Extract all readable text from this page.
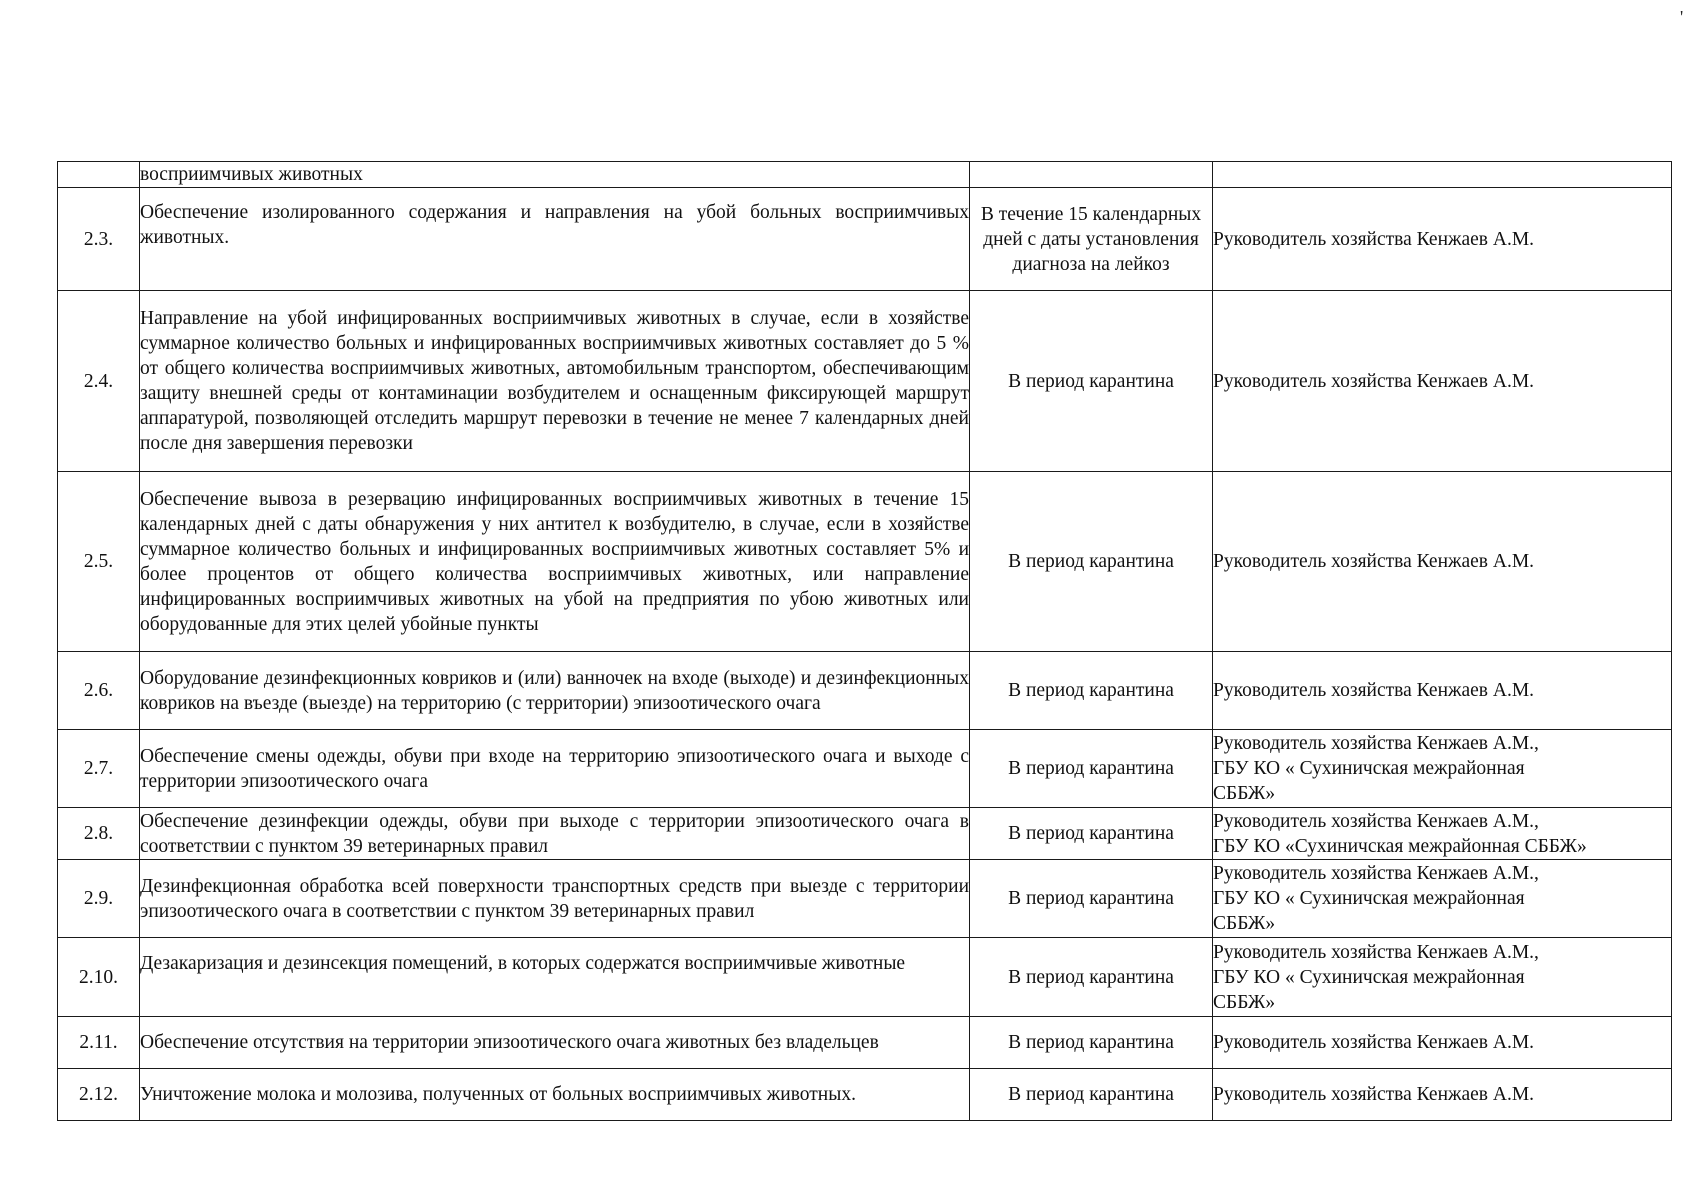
'
	восприимчивых животных		
2.3.	Обеспечение изолированного содержания и направления на убой больных восприимчивых животных.	В течение 15 календарных дней с даты установления диагноза на лейкоз	Руководитель хозяйства Кенжаев А.М.

2.4.	Направление на убой инфицированных восприимчивых животных в случае, если в хозяйстве суммарное количество больных и инфицированных восприимчивых животных составляет до 5 % от общего количества восприимчивых животных, автомобильным транспортом, обеспечивающим защиту внешней среды от контаминации возбудителем и оснащенным фиксирующей маршрут аппаратурой, позволяющей отследить маршрут перевозки в течение не менее 7 календарных дней после дня завершения перевозки	В период карантина	Руководитель хозяйства Кенжаев А.М.

2.5.	Обеспечение вывоза в резервацию инфицированных восприимчивых животных в течение 15 календарных дней с даты обнаружения у них антител к возбудителю, в случае, если в хозяйстве суммарное количество больных и инфицированных восприимчивых животных составляет 5% и более процентов от общего количества восприимчивых животных, или направление инфицированных восприимчивых животных на убой на предприятия по убою животных или оборудованные для этих целей убойные пункты	В период карантина	Руководитель хозяйства Кенжаев А.М.

2.6.	Оборудование дезинфекционных ковриков и (или) ванночек на входе (выходе) и дезинфекционных ковриков на въезде (выезде) на территорию (с территории) эпизоотического очага	В период карантина	Руководитель хозяйства Кенжаев А.М.

2.7.	Обеспечение смены одежды, обуви при входе на территорию эпизоотического очага и выходе с территории эпизоотического очага	В период карантина	Руководитель хозяйства Кенжаев А.М.,
ГБУ КО « Сухиничская межрайонная
СББЖ»

2.8.	Обеспечение дезинфекции одежды, обуви при выходе с территории эпизоотического очага в соответствии с пунктом 39 ветеринарных правил	В период карантина	Руководитель хозяйства Кенжаев А.М.,
ГБУ КО «Сухиничская межрайонная СББЖ»

2.9.	Дезинфекционная обработка всей поверхности транспортных средств при выезде с территории эпизоотического очага в соответствии с пунктом 39 ветеринарных правил	В период карантина	Руководитель хозяйства Кенжаев А.М.,
ГБУ КО « Сухиничская межрайонная
СББЖ»

2.10.	Дезакаризация и дезинсекция помещений, в которых содержатся восприимчивые животные	В период карантина	Руководитель хозяйства Кенжаев А.М.,
ГБУ КО « Сухиничская межрайонная
СББЖ»

2.11.	Обеспечение отсутствия на территории эпизоотического очага животных без владельцев	В период карантина	Руководитель хозяйства Кенжаев А.М.

2.12.	Уничтожение молока и молозива, полученных от больных восприимчивых животных.	В период карантина	Руководитель хозяйства Кенжаев А.М.
